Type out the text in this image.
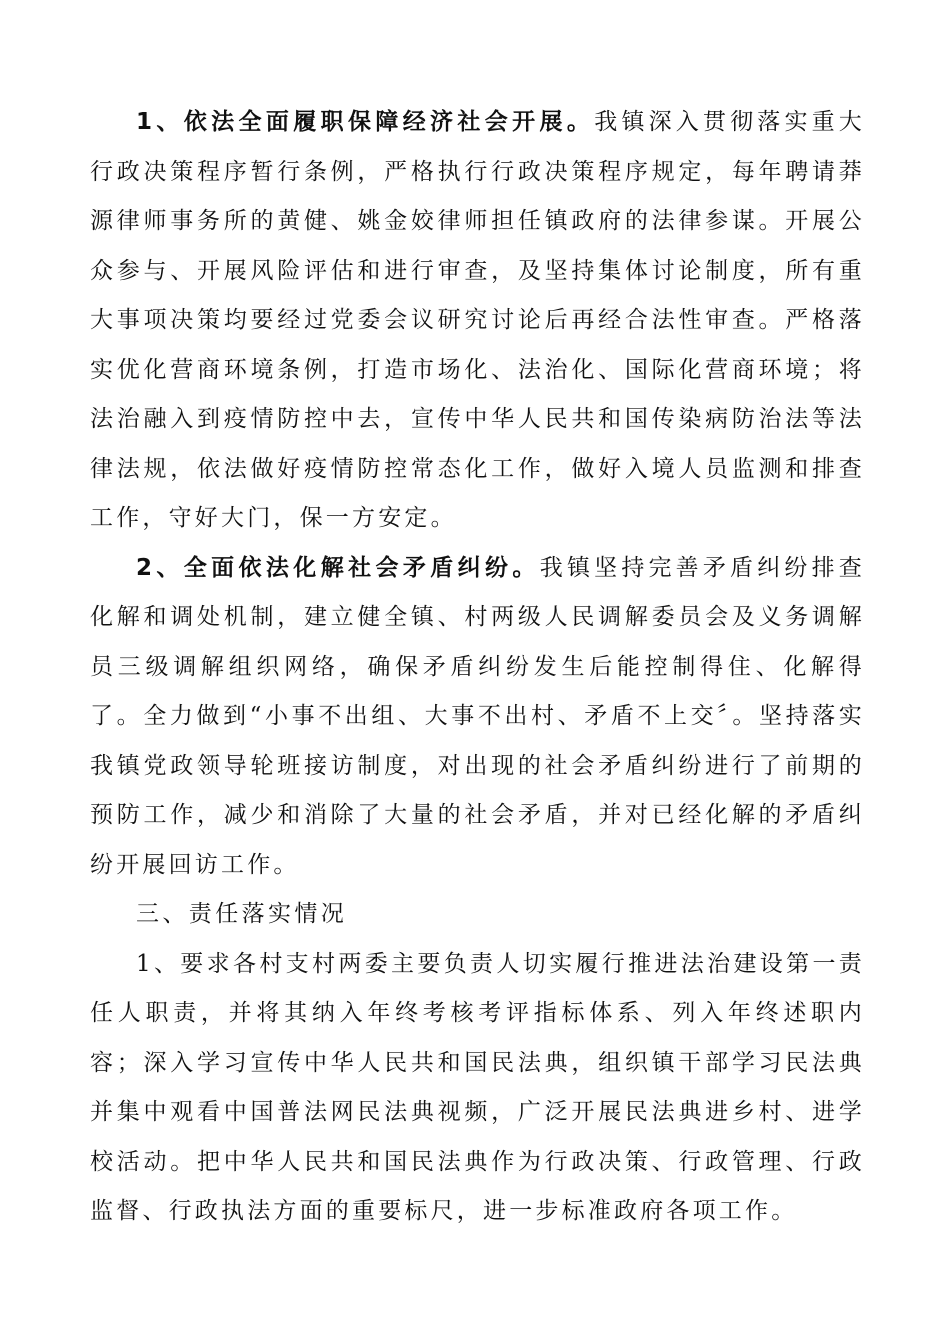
1、依法全面履职保障经济社会开展。我镇深入贯彻落实重大行政决策程序暂行条例，严格执行行政决策程序规定，每年聘请莽源律师事务所的黄健、姚金姣律师担任镇政府的法律参谋。开展公众参与、开展风险评估和进行审查，及坚持集体讨论制度，所有重大事项决策均要经过党委会议研究讨论后再经合法性审查。严格落实优化营商环境条例，打造市场化、法治化、国际化营商环境；将法治融入到疫情防控中去，宣传中华人民共和国传染病防治法等法律法规，依法做好疫情防控常态化工作，做好入境人员监测和排查工作，守好大门，保一方安定。

2、全面依法化解社会矛盾纠纷。我镇坚持完善矛盾纠纷排查化解和调处机制，建立健全镇、村两级人民调解委员会及义务调解员三级调解组织网络，确保矛盾纠纷发生后能控制得住、化解得了。全力做到“小事不出组、大事不出村、矛盾不上交〞。坚持落实我镇党政领导轮班接访制度，对出现的社会矛盾纠纷进行了前期的预防工作，减少和消除了大量的社会矛盾，并对已经化解的矛盾纠纷开展回访工作。

三、责任落实情况

1、要求各村支村两委主要负责人切实履行推进法治建设第一责任人职责，并将其纳入年终考核考评指标体系、列入年终述职内容；深入学习宣传中华人民共和国民法典，组织镇干部学习民法典并集中观看中国普法网民法典视频，广泛开展民法典进乡村、进学校活动。把中华人民共和国民法典作为行政决策、行政管理、行政监督、行政执法方面的重要标尺，进一步标准政府各项工作。
